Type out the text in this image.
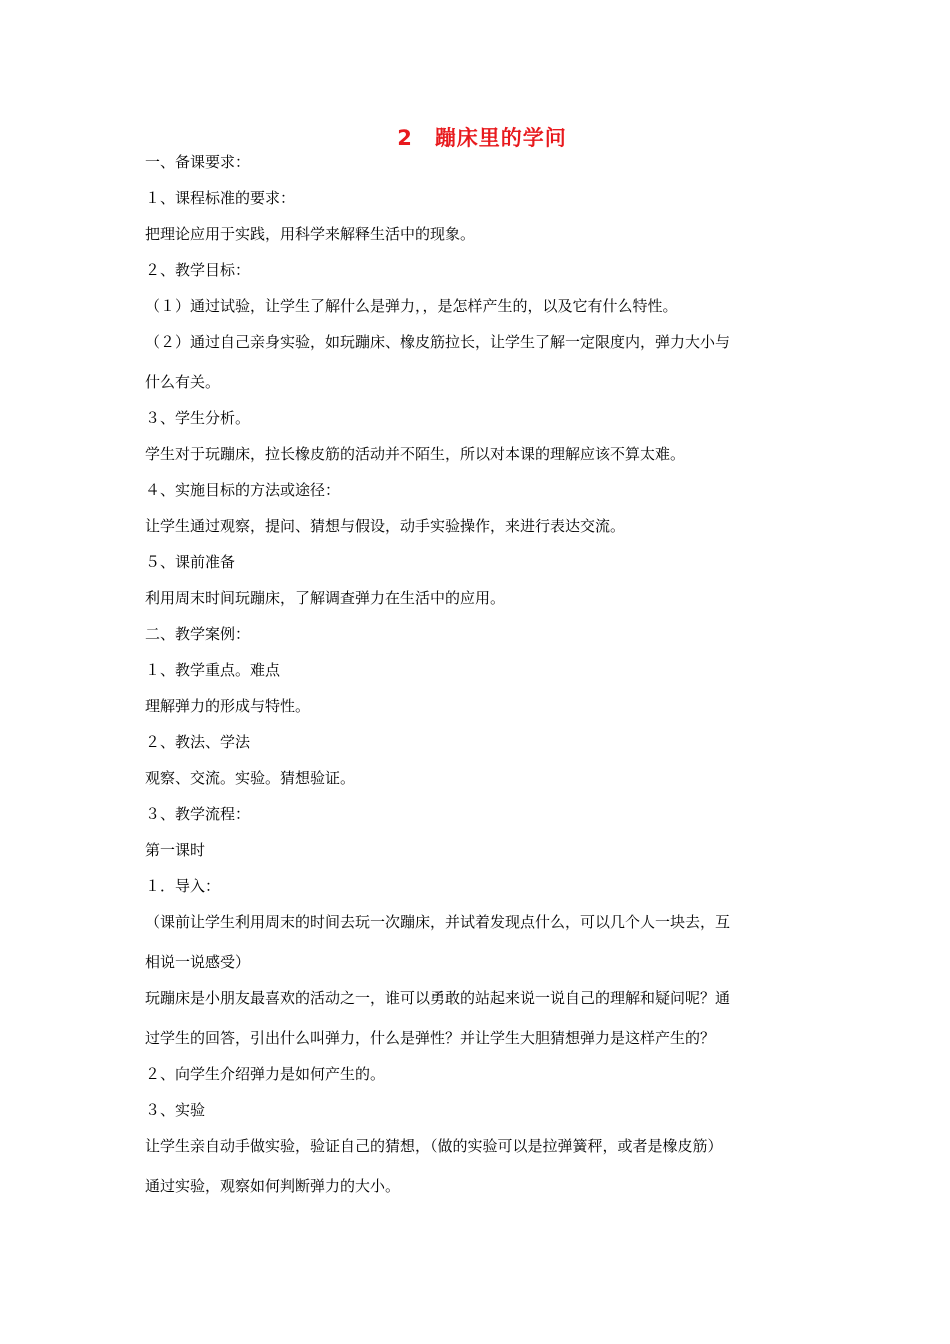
2 蹦床里的学问
一、备课要求：
１、课程标准的要求：
把理论应用于实践，用科学来解释生活中的现象。
２、教学目标：
（１）通过试验，让学生了解什么是弹力，，是怎样产生的，以及它有什么特性。
（２）通过自己亲身实验，如玩蹦床、橡皮筋拉长，让学生了解一定限度内，弹力大小与
什么有关。
３、学生分析。
学生对于玩蹦床，拉长橡皮筋的活动并不陌生，所以对本课的理解应该不算太难。
４、实施目标的方法或途径：
让学生通过观察，提问、猜想与假设，动手实验操作，来进行表达交流。
５、课前准备
利用周末时间玩蹦床，了解调查弹力在生活中的应用。
二、教学案例：
１、教学重点。难点
理解弹力的形成与特性。
２、教法、学法
观察、交流。实验。猜想验证。
３、教学流程：
第一课时
１．导入：
（课前让学生利用周末的时间去玩一次蹦床，并试着发现点什么，可以几个人一块去，互
相说一说感受）
玩蹦床是小朋友最喜欢的活动之一，谁可以勇敢的站起来说一说自己的理解和疑问呢？通
过学生的回答，引出什么叫弹力，什么是弹性？并让学生大胆猜想弹力是这样产生的？
２、向学生介绍弹力是如何产生的。
３、实验
让学生亲自动手做实验，验证自己的猜想，（做的实验可以是拉弹簧秤，或者是橡皮筋）
通过实验，观察如何判断弹力的大小。
